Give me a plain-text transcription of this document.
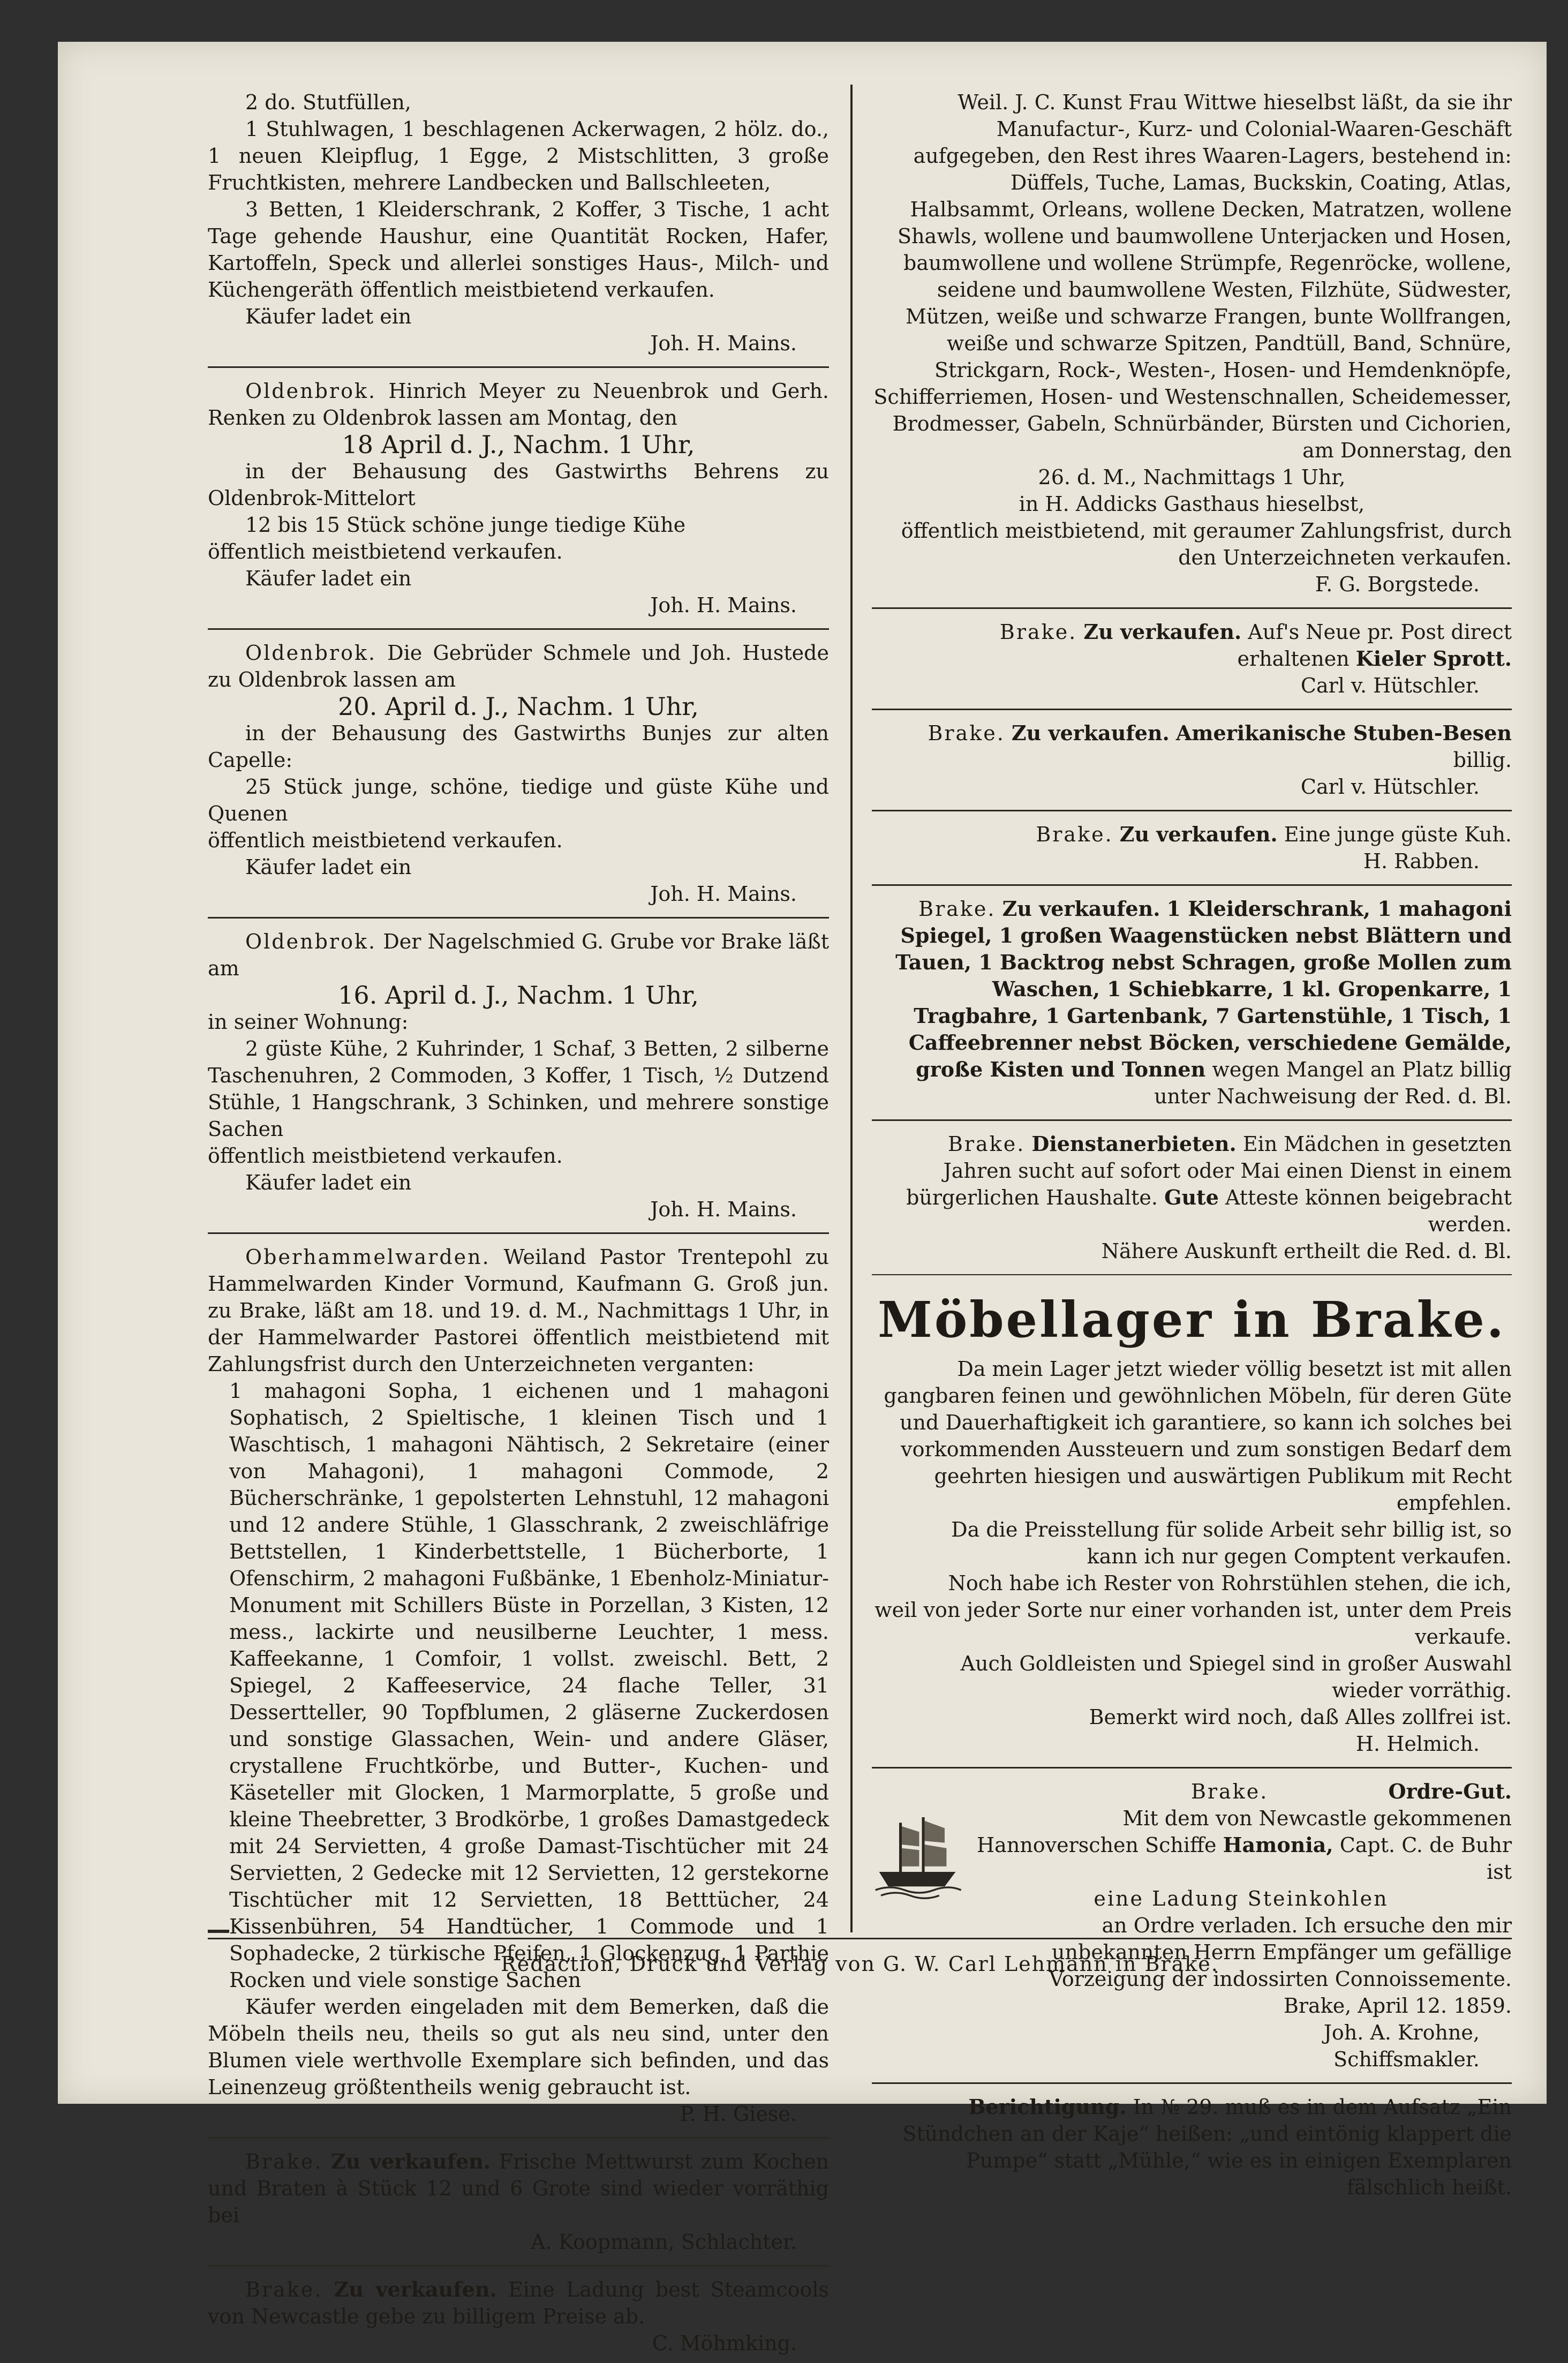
2 do. Stutfüllen,
1 Stuhlwagen, 1 beschlagenen Ackerwagen, 2 hölz. do., 1 neuen Kleipflug, 1 Egge, 2 Mistschlitten, 3 große Fruchtkisten, mehrere Landbecken und Ballschleeten,
3 Betten, 1 Kleiderschrank, 2 Koffer, 3 Tische, 1 acht Tage gehende Haushur, eine Quantität Rocken, Hafer, Kartoffeln, Speck und allerlei sonstiges Haus-, Milch- und Küchengeräth öffentlich meistbietend verkaufen.
Käufer ladet ein
Joh. H. Mains.
Oldenbrok. Hinrich Meyer zu Neuenbrok und Gerh. Renken zu Oldenbrok lassen am Montag, den
18 April d. J., Nachm. 1 Uhr,
in der Behausung des Gastwirths Behrens zu Oldenbrok-Mittelort
12 bis 15 Stück schöne junge tiedige Kühe
öffentlich meistbietend verkaufen.
Käufer ladet ein
Joh. H. Mains.
Oldenbrok. Die Gebrüder Schmele und Joh. Hustede zu Oldenbrok lassen am
20. April d. J., Nachm. 1 Uhr,
in der Behausung des Gastwirths Bunjes zur alten Capelle:
25 Stück junge, schöne, tiedige und güste Kühe und Quenen
öffentlich meistbietend verkaufen.
Käufer ladet ein
Joh. H. Mains.
Oldenbrok. Der Nagelschmied G. Grube vor Brake läßt am
16. April d. J., Nachm. 1 Uhr,
in seiner Wohnung:
2 güste Kühe, 2 Kuhrinder, 1 Schaf, 3 Betten, 2 silberne Taschenuhren, 2 Commoden, 3 Koffer, 1 Tisch, ½ Dutzend Stühle, 1 Hangschrank, 3 Schinken, und mehrere sonstige Sachen
öffentlich meistbietend verkaufen.
Käufer ladet ein
Joh. H. Mains.
Oberhammelwarden. Weiland Pastor Trentepohl zu Hammelwarden Kinder Vormund, Kaufmann G. Groß jun. zu Brake, läßt am 18. und 19. d. M., Nachmittags 1 Uhr, in der Hammelwarder Pastorei öffentlich meistbietend mit Zahlungsfrist durch den Unterzeichneten verganten:
1 mahagoni Sopha, 1 eichenen und 1 mahagoni Sophatisch, 2 Spieltische, 1 kleinen Tisch und 1 Waschtisch, 1 mahagoni Nähtisch, 2 Sekretaire (einer von Mahagoni), 1 mahagoni Commode, 2 Bücherschränke, 1 gepolsterten Lehnstuhl, 12 mahagoni und 12 andere Stühle, 1 Glasschrank, 2 zweischläfrige Bettstellen, 1 Kinderbettstelle, 1 Bücherborte, 1 Ofenschirm, 2 mahagoni Fußbänke, 1 Ebenholz-Miniatur-Monument mit Schillers Büste in Porzellan, 3 Kisten, 12 mess., lackirte und neusilberne Leuchter, 1 mess. Kaffeekanne, 1 Comfoir, 1 vollst. zweischl. Bett, 2 Spiegel, 2 Kaffeeservice, 24 flache Teller, 31 Dessertteller, 90 Topfblumen, 2 gläserne Zuckerdosen und sonstige Glassachen, Wein- und andere Gläser, crystallene Fruchtkörbe, und Butter-, Kuchen- und Käseteller mit Glocken, 1 Marmorplatte, 5 große und kleine Theebretter, 3 Brodkörbe, 1 großes Damastgedeck mit 24 Servietten, 4 große Damast-Tischtücher mit 24 Servietten, 2 Gedecke mit 12 Servietten, 12 gerstekorne Tischtücher mit 12 Servietten, 18 Betttücher, 24 Kissenbühren, 54 Handtücher, 1 Commode und 1 Sophadecke, 2 türkische Pfeifen, 1 Glockenzug, 1 Parthie Rocken und viele sonstige Sachen
Käufer werden eingeladen mit dem Bemerken, daß die Möbeln theils neu, theils so gut als neu sind, unter den Blumen viele werthvolle Exemplare sich befinden, und das Leinenzeug größtentheils wenig gebraucht ist.
P. H. Giese.
Brake. Zu verkaufen. Frische Mettwurst zum Kochen und Braten à Stück 12 und 6 Grote sind wieder vorräthig bei
A. Koopmann, Schlachter.
Brake. Zu verkaufen. Eine Ladung best Steamcools von Newcastle gebe zu billigem Preise ab.
C. Möhmking.
Weil. J. C. Kunst Frau Wittwe hieselbst läßt, da sie ihr Manufactur-, Kurz- und Colonial-Waaren-Geschäft aufgegeben, den Rest ihres Waaren-Lagers, bestehend in:
Düffels, Tuche, Lamas, Buckskin, Coating, Atlas, Halbsammt, Orleans, wollene Decken, Matratzen, wollene Shawls, wollene und baumwollene Unterjacken und Hosen, baumwollene und wollene Strümpfe, Regenröcke, wollene, seidene und baumwollene Westen, Filzhüte, Südwester, Mützen, weiße und schwarze Frangen, bunte Wollfrangen, weiße und schwarze Spitzen, Pandtüll, Band, Schnüre, Strickgarn, Rock-, Westen-, Hosen- und Hemdenknöpfe, Schifferriemen, Hosen- und Westenschnallen, Scheidemesser, Brodmesser, Gabeln, Schnürbänder, Bürsten und Cichorien,
am Donnerstag, den
26. d. M., Nachmittags 1 Uhr,
in H. Addicks Gasthaus hieselbst,
öffentlich meistbietend, mit geraumer Zahlungsfrist, durch den Unterzeichneten verkaufen.
F. G. Borgstede.
Brake. Zu verkaufen. Auf's Neue pr. Post direct erhaltenen Kieler Sprott.
Carl v. Hütschler.
Brake. Zu verkaufen. Amerikanische Stuben-Besen billig.
Carl v. Hütschler.
Brake. Zu verkaufen. Eine junge güste Kuh.
H. Rabben.
Brake. Zu verkaufen. 1 Kleiderschrank, 1 mahagoni Spiegel, 1 großen Waagenstücken nebst Blättern und Tauen, 1 Backtrog nebst Schragen, große Mollen zum Waschen, 1 Schiebkarre, 1 kl. Gropenkarre, 1 Tragbahre, 1 Gartenbank, 7 Gartenstühle, 1 Tisch, 1 Caffeebrenner nebst Böcken, verschiedene Gemälde, große Kisten und Tonnen wegen Mangel an Platz billig unter Nachweisung der Red. d. Bl.
Brake. Dienstanerbieten. Ein Mädchen in gesetzten Jahren sucht auf sofort oder Mai einen Dienst in einem bürgerlichen Haushalte. Gute Atteste können beigebracht werden.
Nähere Auskunft ertheilt die Red. d. Bl.
Möbellager in Brake.
Da mein Lager jetzt wieder völlig besetzt ist mit allen gangbaren feinen und gewöhnlichen Möbeln, für deren Güte und Dauerhaftigkeit ich garantiere, so kann ich solches bei vorkommenden Aussteuern und zum sonstigen Bedarf dem geehrten hiesigen und auswärtigen Publikum mit Recht empfehlen.
Da die Preisstellung für solide Arbeit sehr billig ist, so kann ich nur gegen Comptent verkaufen.
Noch habe ich Rester von Rohrstühlen stehen, die ich, weil von jeder Sorte nur einer vorhanden ist, unter dem Preis verkaufe.
Auch Goldleisten und Spiegel sind in großer Auswahl wieder vorräthig.
Bemerkt wird noch, daß Alles zollfrei ist.
H. Helmich.
Brake.	Ordre-Gut.
Mit dem von Newcastle gekommenen Hannoverschen Schiffe Hamonia, Capt. C. de Buhr ist
eine Ladung Steinkohlen
an Ordre verladen. Ich ersuche den mir unbekannten Herrn Empfänger um gefällige Vorzeigung der indossirten Connoissemente.
Brake, April 12. 1859.
Joh. A. Krohne,
Schiffsmakler.
Berichtigung. In № 29. muß es in dem Aufsatz „Ein Stündchen an der Kaje“ heißen: „und eintönig klappert die Pumpe“ statt „Mühle,“ wie es in einigen Exemplaren fälschlich heißt.
Redaction, Druck und Verlag von G. W. Carl Lehmann in Brake.
